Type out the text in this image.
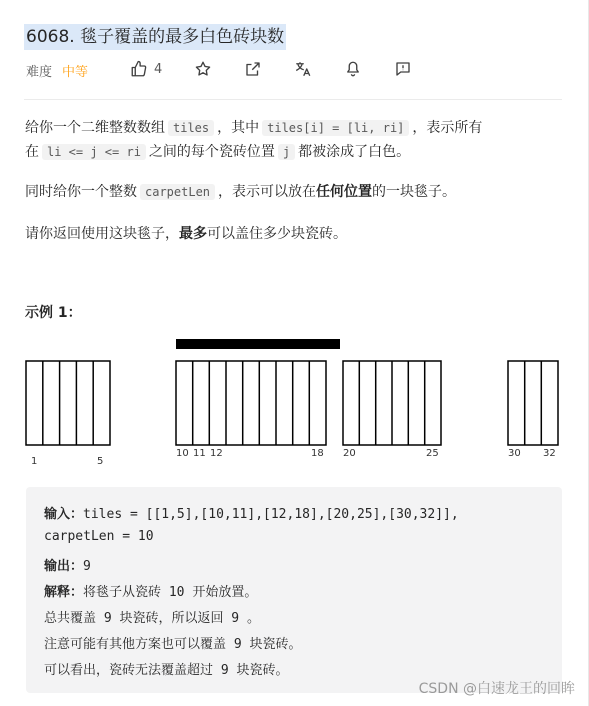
6068. 毯子覆盖的最多白色砖块数
难度 中等	4
给你一个二维整数数组 tiles ，其中 tiles[i] = [li, ri] ，表示所有
在 li <= j <= ri 之间的每个瓷砖位置 j 都被涂成了白色。
同时给你一个整数 carpetLen ，表示可以放在任何位置的一块毯子。
请你返回使用这块毯子，最多可以盖住多少块瓷砖。
示例 1：
1	5
10 11 12	18 20	25	30 32
输入：tiles = [[1,5],[10,11],[12,18],[20,25],[30,32]],
carpetLen = 10
输出：9
解释：将毯子从瓷砖 10 开始放置。
总共覆盖 9 块瓷砖，所以返回 9 。
注意可能有其他方案也可以覆盖 9 块瓷砖。
可以看出，瓷砖无法覆盖超过 9 块瓷砖。
CSDN @白速龙王的回眸
